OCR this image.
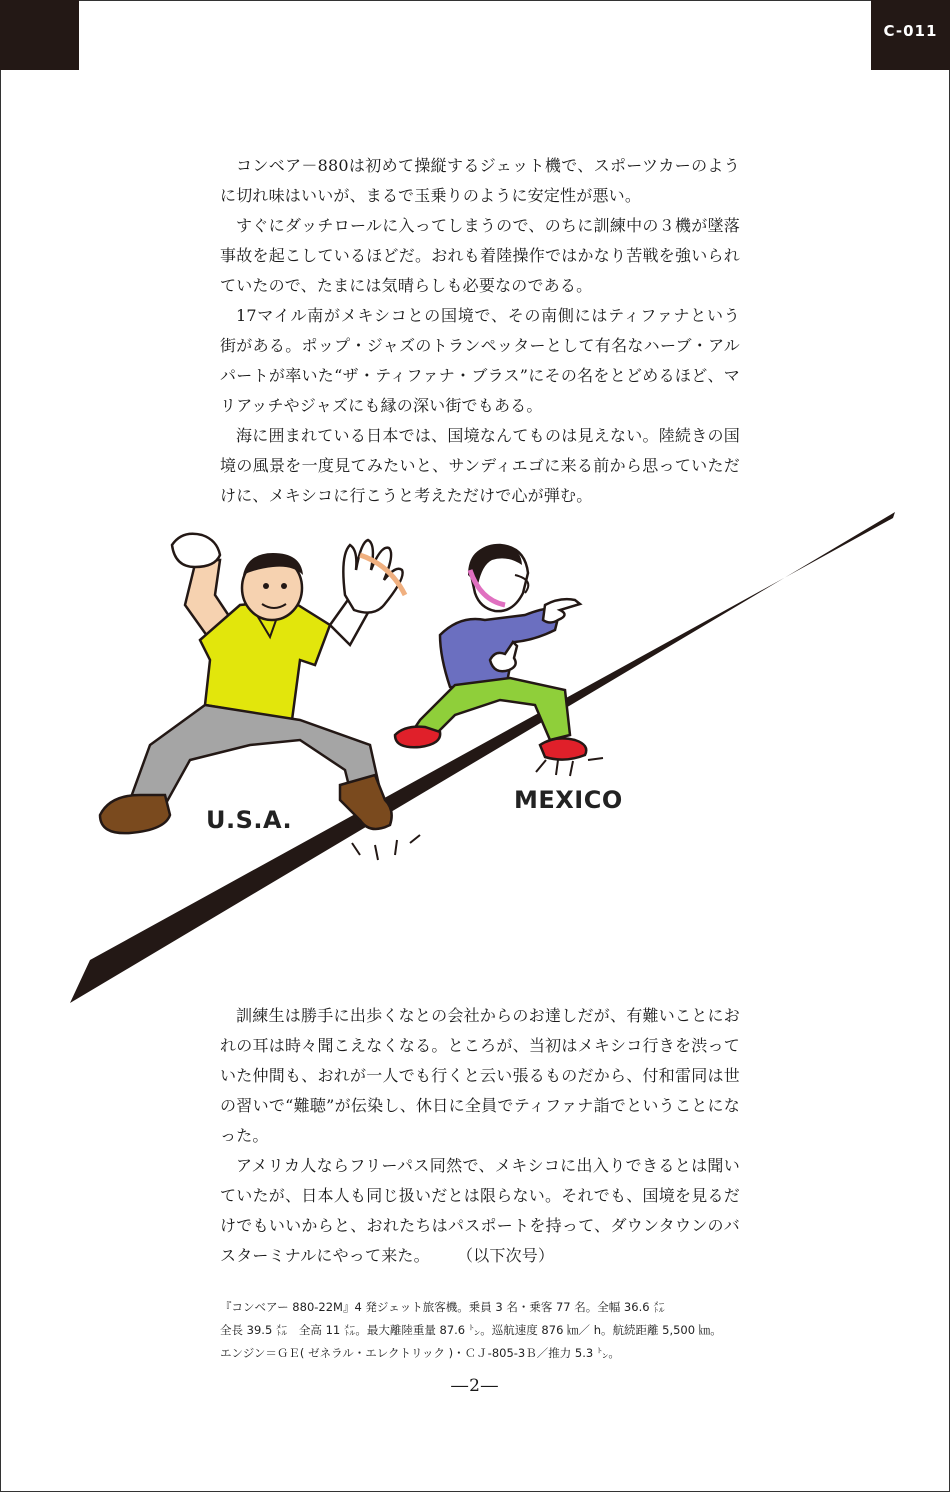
C-011

コンベア－880は初めて操縦するジェット機で、スポーツカーのように切れ味はいいが、まるで玉乗りのように安定性が悪い。

すぐにダッチロールに入ってしまうので、のちに訓練中の３機が墜落事故を起こしているほどだ。おれも着陸操作ではかなり苦戦を強いられていたので、たまには気晴らしも必要なのである。

17マイル南がメキシコとの国境で、その南側にはティファナという街がある。ポップ・ジャズのトランペッターとして有名なハーブ・アルパートが率いた“ザ・ティファナ・ブラス”にその名をとどめるほど、マリアッチやジャズにも縁の深い街でもある。

海に囲まれている日本では、国境なんてものは見えない。陸続きの国境の風景を一度見てみたいと、サンディエゴに来る前から思っていただけに、メキシコに行こうと考えただけで心が弾む。

U.S.A.
MEXICO

訓練生は勝手に出歩くなとの会社からのお達しだが、有難いことにおれの耳は時々聞こえなくなる。ところが、当初はメキシコ行きを渋っていた仲間も、おれが一人でも行くと云い張るものだから、付和雷同は世の習いで“難聴”が伝染し、休日に全員でティファナ詣でということになった。

アメリカ人ならフリーパス同然で、メキシコに出入りできるとは聞いていたが、日本人も同じ扱いだとは限らない。それでも、国境を見るだけでもいいからと、おれたちはパスポートを持って、ダウンタウンのバスターミナルにやって来た。 （以下次号）

『コンベアー 880‐22M』4 発ジェット旅客機。乗員 3 名・乗客 77 名。全幅 36.6 ㍍
全長 39.5 ㍍　全高 11 ㍍。最大離陸重量 87.6 ㌧。巡航速度 876 ㎞／ h。航続距離 5,500 ㎞。
エンジン＝ＧＥ( ゼネラル・エレクトリック )・ＣＪ‐805‐3Ｂ／推力 5.3 ㌧。
―2―
